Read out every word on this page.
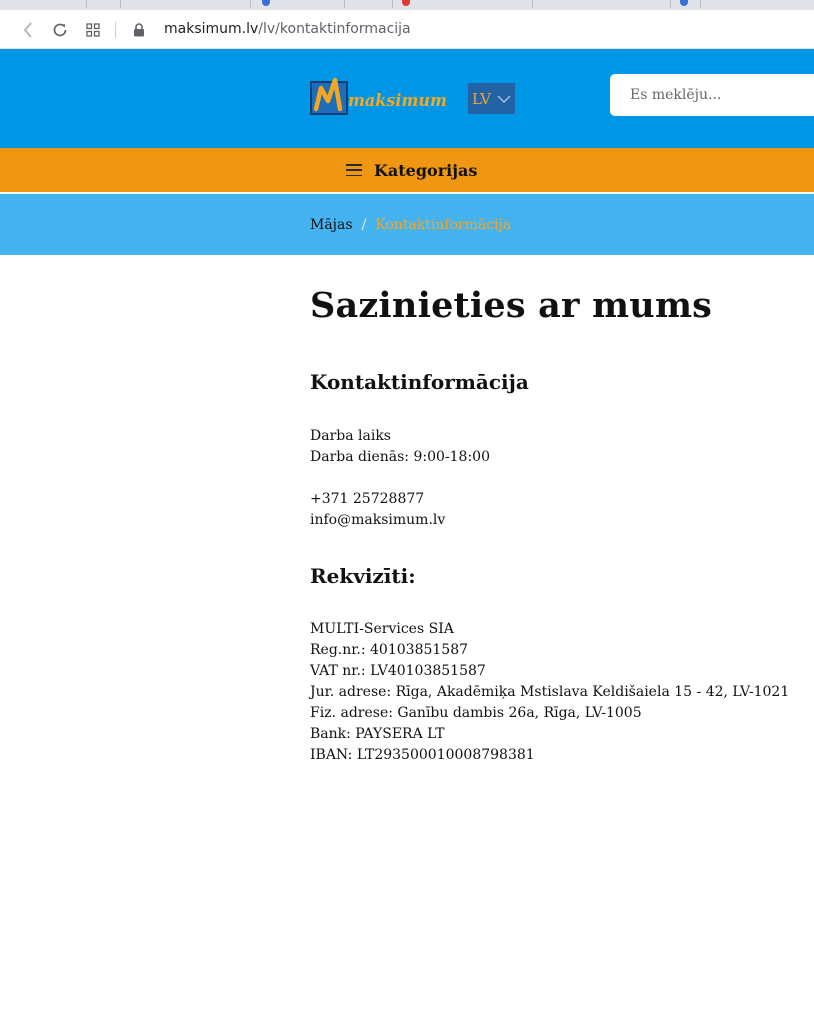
maksimum.lv/lv/kontaktinformacija
maksimum LV
Es meklēju...
Kategorijas
Mājas / Kontaktinformācija
Sazinieties ar mums
Kontaktinformācija
Darba laiks
Darba dienās: 9:00-18:00
+371 25728877
info@maksimum.lv
Rekvizīti:
MULTI-Services SIA
Reg.nr.: 40103851587
VAT nr.: LV40103851587
Jur. adrese: Rīga, Akadēmiķa Mstislava Keldišaiela 15 - 42, LV-1021
Fiz. adrese: Ganību dambis 26a, Rīga, LV-1005
Bank: PAYSERA LT
IBAN: LT293500010008798381
